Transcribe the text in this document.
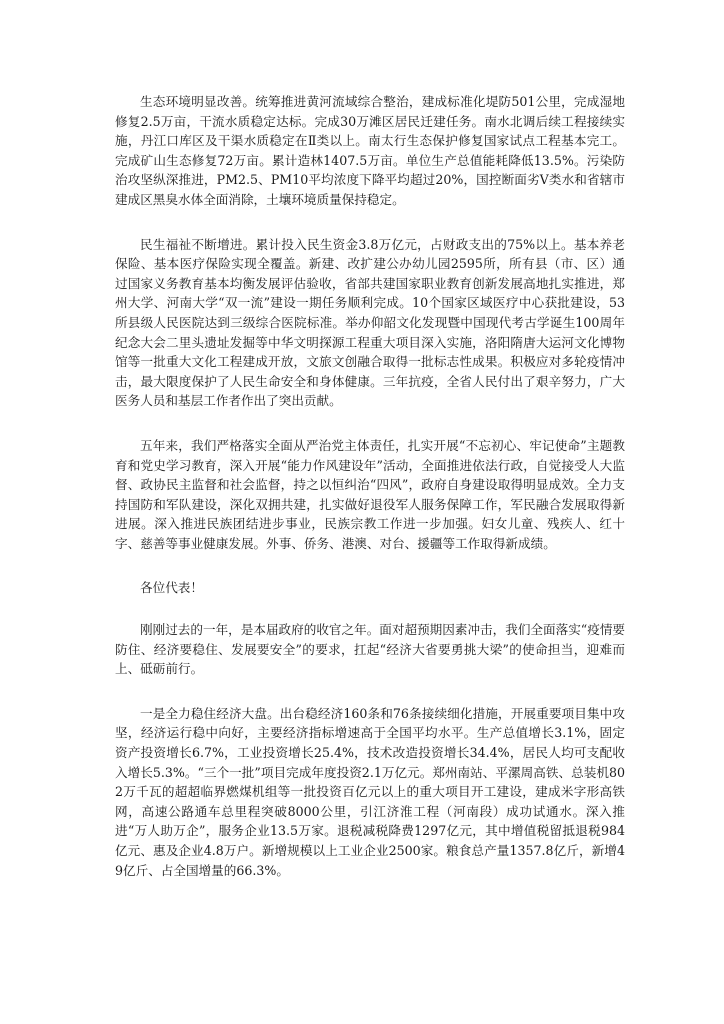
生态环境明显改善。统筹推进黄河流域综合整治，建成标准化堤防501公里，完成湿地修复2.5万亩，干流水质稳定达标。完成30万滩区居民迁建任务。南水北调后续工程接续实施，丹江口库区及干渠水质稳定在Ⅱ类以上。南太行生态保护修复国家试点工程基本完工。完成矿山生态修复72万亩。累计造林1407.5万亩。单位生产总值能耗降低13.5%。污染防治攻坚纵深推进，PM2.5、PM10平均浓度下降平均超过20%，国控断面劣Ⅴ类水和省辖市建成区黑臭水体全面消除，土壤环境质量保持稳定。

民生福祉不断增进。累计投入民生资金3.8万亿元，占财政支出的75%以上。基本养老保险、基本医疗保险实现全覆盖。新建、改扩建公办幼儿园2595所，所有县（市、区）通过国家义务教育基本均衡发展评估验收，省部共建国家职业教育创新发展高地扎实推进，郑州大学、河南大学“双一流”建设一期任务顺利完成。10个国家区域医疗中心获批建设，53所县级人民医院达到三级综合医院标准。举办仰韶文化发现暨中国现代考古学诞生100周年纪念大会二里头遗址发掘等中华文明探源工程重大项目深入实施，洛阳隋唐大运河文化博物馆等一批重大文化工程建成开放，文旅文创融合取得一批标志性成果。积极应对多轮疫情冲击，最大限度保护了人民生命安全和身体健康。三年抗疫，全省人民付出了艰辛努力，广大医务人员和基层工作者作出了突出贡献。

五年来，我们严格落实全面从严治党主体责任，扎实开展“不忘初心、牢记使命”主题教育和党史学习教育，深入开展“能力作风建设年”活动，全面推进依法行政，自觉接受人大监督、政协民主监督和社会监督，持之以恒纠治“四风”，政府自身建设取得明显成效。全力支持国防和军队建设，深化双拥共建，扎实做好退役军人服务保障工作，军民融合发展取得新进展。深入推进民族团结进步事业，民族宗教工作进一步加强。妇女儿童、残疾人、红十字、慈善等事业健康发展。外事、侨务、港澳、对台、援疆等工作取得新成绩。

各位代表！

刚刚过去的一年，是本届政府的收官之年。面对超预期因素冲击，我们全面落实“疫情要防住、经济要稳住、发展要安全”的要求，扛起“经济大省要勇挑大梁”的使命担当，迎难而上、砥砺前行。

一是全力稳住经济大盘。出台稳经济160条和76条接续细化措施，开展重要项目集中攻坚，经济运行稳中向好，主要经济指标增速高于全国平均水平。生产总值增长3.1%，固定资产投资增长6.7%，工业投资增长25.4%，技术改造投资增长34.4%，居民人均可支配收入增长5.3%。“三个一批”项目完成年度投资2.1万亿元。郑州南站、平漯周高铁、总装机802万千瓦的超超临界燃煤机组等一批投资百亿元以上的重大项目开工建设，建成米字形高铁网，高速公路通车总里程突破8000公里，引江济淮工程（河南段）成功试通水。深入推进“万人助万企”，服务企业13.5万家。退税减税降费1297亿元，其中增值税留抵退税984亿元、惠及企业4.8万户。新增规模以上工业企业2500家。粮食总产量1357.8亿斤，新增49亿斤、占全国增量的66.3%。
